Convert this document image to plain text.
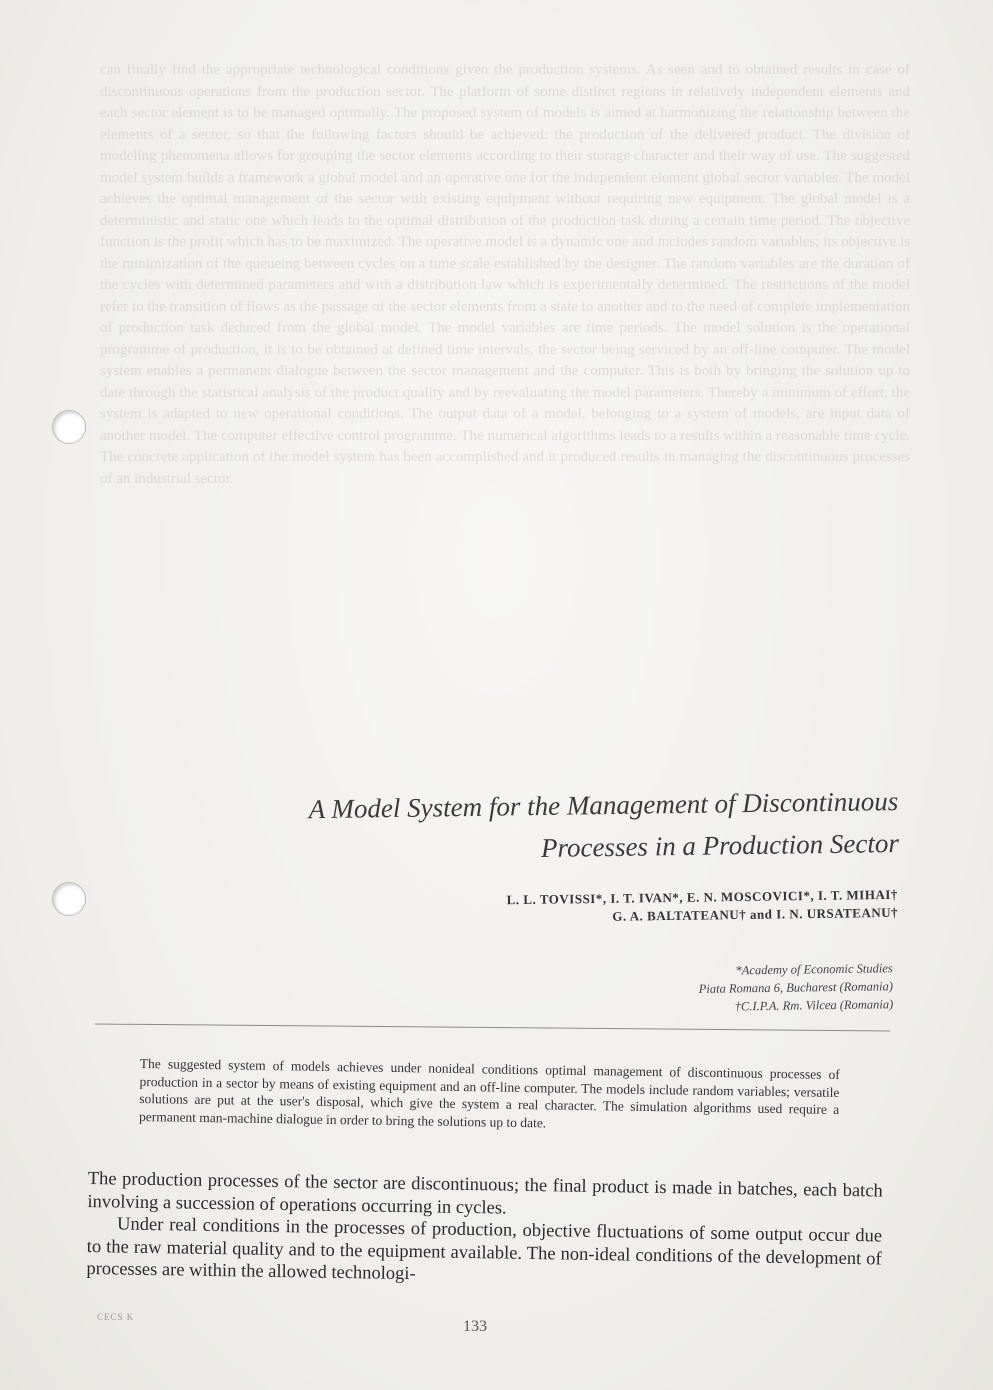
can finally find the appropriate technological conditions given the production systems. As seen and to obtained results in case of discontinuous operations from the production sector. The platform of some distinct regions in relatively independent elements and each sector element is to be managed optimally. The proposed system of models is aimed at harmonizing the relationship between the elements of a sector, so that the following factors should be achieved: the production of the delivered product. The division of modeling phenomena allows for grouping the sector elements according to their storage character and their way of use. The suggested model system builds a framework a global model and an operative one for the independent element global sector variables. The model achieves the optimal management of the sector with existing equipment without requiring new equipment. The global model is a deterministic and static one which leads to the optimal distribution of the production task during a certain time period. The objective function is the profit which has to be maximized. The operative model is a dynamic one and includes random variables; its objective is the minimization of the queueing between cycles on a time scale established by the designer. The random variables are the duration of the cycles with determined parameters and with a distribution law which is experimentally determined. The restrictions of the model refer to the transition of flows as the passage of the sector elements from a state to another and to the need of complete implementation of production task deduced from the global model. The model variables are time periods. The model solution is the operational programme of production, it is to be obtained at defined time intervals, the sector being serviced by an off-line computer. The model system enables a permanent dialogue between the sector management and the computer. This is both by bringing the solution up to date through the statistical analysis of the product quality and by reevaluating the model parameters. Thereby a minimum of effort, the system is adapted to new operational conditions. The output data of a model, belonging to a system of models, are input data of another model. The computer effective control programme. The numerical algorithms leads to a results within a reasonable time cycle. The concrete application of the model system has been accomplished and it produced results in managing the discontinuous processes of an industrial sector.
A Model System for the Management of Discontinuous
Processes in a Production Sector
L. L. TOVISSI*, I. T. IVAN*, E. N. MOSCOVICI*, I. T. MIHAI†
G. A. BALTATEANU† and I. N. URSATEANU†
*Academy of Economic Studies
Piata Romana 6, Bucharest (Romania)
†C.I.P.A. Rm. Vilcea (Romania)
The suggested system of models achieves under nonideal conditions optimal management of discontinuous processes of production in a sector by means of existing equipment and an off-line computer. The models include random variables; versatile solutions are put at the user's disposal, which give the system a real character. The simulation algorithms used require a permanent man-machine dialogue in order to bring the solutions up to date.

The production processes of the sector are discontinuous; the final product is made in batches, each batch involving a succession of operations occurring in cycles.

Under real conditions in the processes of production, objective fluctuations of some output occur due to the raw material quality and to the equipment available. The non-ideal conditions of the development of processes are within the allowed technologi-

CECS K
133
